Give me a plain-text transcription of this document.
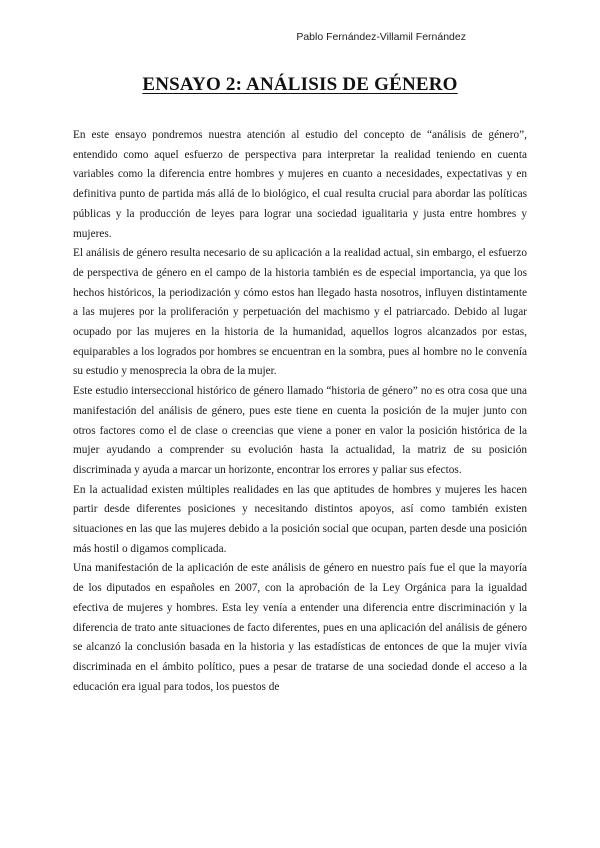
Pablo Fernández-Villamil Fernández
ENSAYO 2: ANÁLISIS DE GÉNERO

En este ensayo pondremos nuestra atención al estudio del concepto de “análisis de género”, entendido como aquel esfuerzo de perspectiva para interpretar la realidad teniendo en cuenta variables como la diferencia entre hombres y mujeres en cuanto a necesidades, expectativas y en definitiva punto de partida más allá de lo biológico, el cual resulta crucial para abordar las políticas públicas y la producción de leyes para lograr una sociedad igualitaria y justa entre hombres y mujeres.

El análisis de género resulta necesario de su aplicación a la realidad actual, sin embargo, el esfuerzo de perspectiva de género en el campo de la historia también es de especial importancia, ya que los hechos históricos, la periodización y cómo estos han llegado hasta nosotros, influyen distintamente a las mujeres por la proliferación y perpetuación del machismo y el patriarcado. Debido al lugar ocupado por las mujeres en la historia de la humanidad, aquellos logros alcanzados por estas, equiparables a los logrados por hombres se encuentran en la sombra, pues al hombre no le convenía su estudio y menosprecia la obra de la mujer.

Este estudio interseccional histórico de género llamado “historia de género” no es otra cosa que una manifestación del análisis de género, pues este tiene en cuenta la posición de la mujer junto con otros factores como el de clase o creencias que viene a poner en valor la posición histórica de la mujer ayudando a comprender su evolución hasta la actualidad, la matriz de su posición discriminada y ayuda a marcar un horizonte, encontrar los errores y paliar sus efectos.

En la actualidad existen múltiples realidades en las que aptitudes de hombres y mujeres les hacen partir desde diferentes posiciones y necesitando distintos apoyos, así como también existen situaciones en las que las mujeres debido a la posición social que ocupan, parten desde una posición más hostil o digamos complicada.

Una manifestación de la aplicación de este análisis de género en nuestro país fue el que la mayoría de los diputados en españoles en 2007, con la aprobación de la Ley Orgánica para la igualdad efectiva de mujeres y hombres. Esta ley venía a entender una diferencia entre discriminación y la diferencia de trato ante situaciones de facto diferentes, pues en una aplicación del análisis de género se alcanzó la conclusión basada en la historia y las estadísticas de entonces de que la mujer vivía discriminada en el ámbito político, pues a pesar de tratarse de una sociedad donde el acceso a la educación era igual para todos, los puestos de
